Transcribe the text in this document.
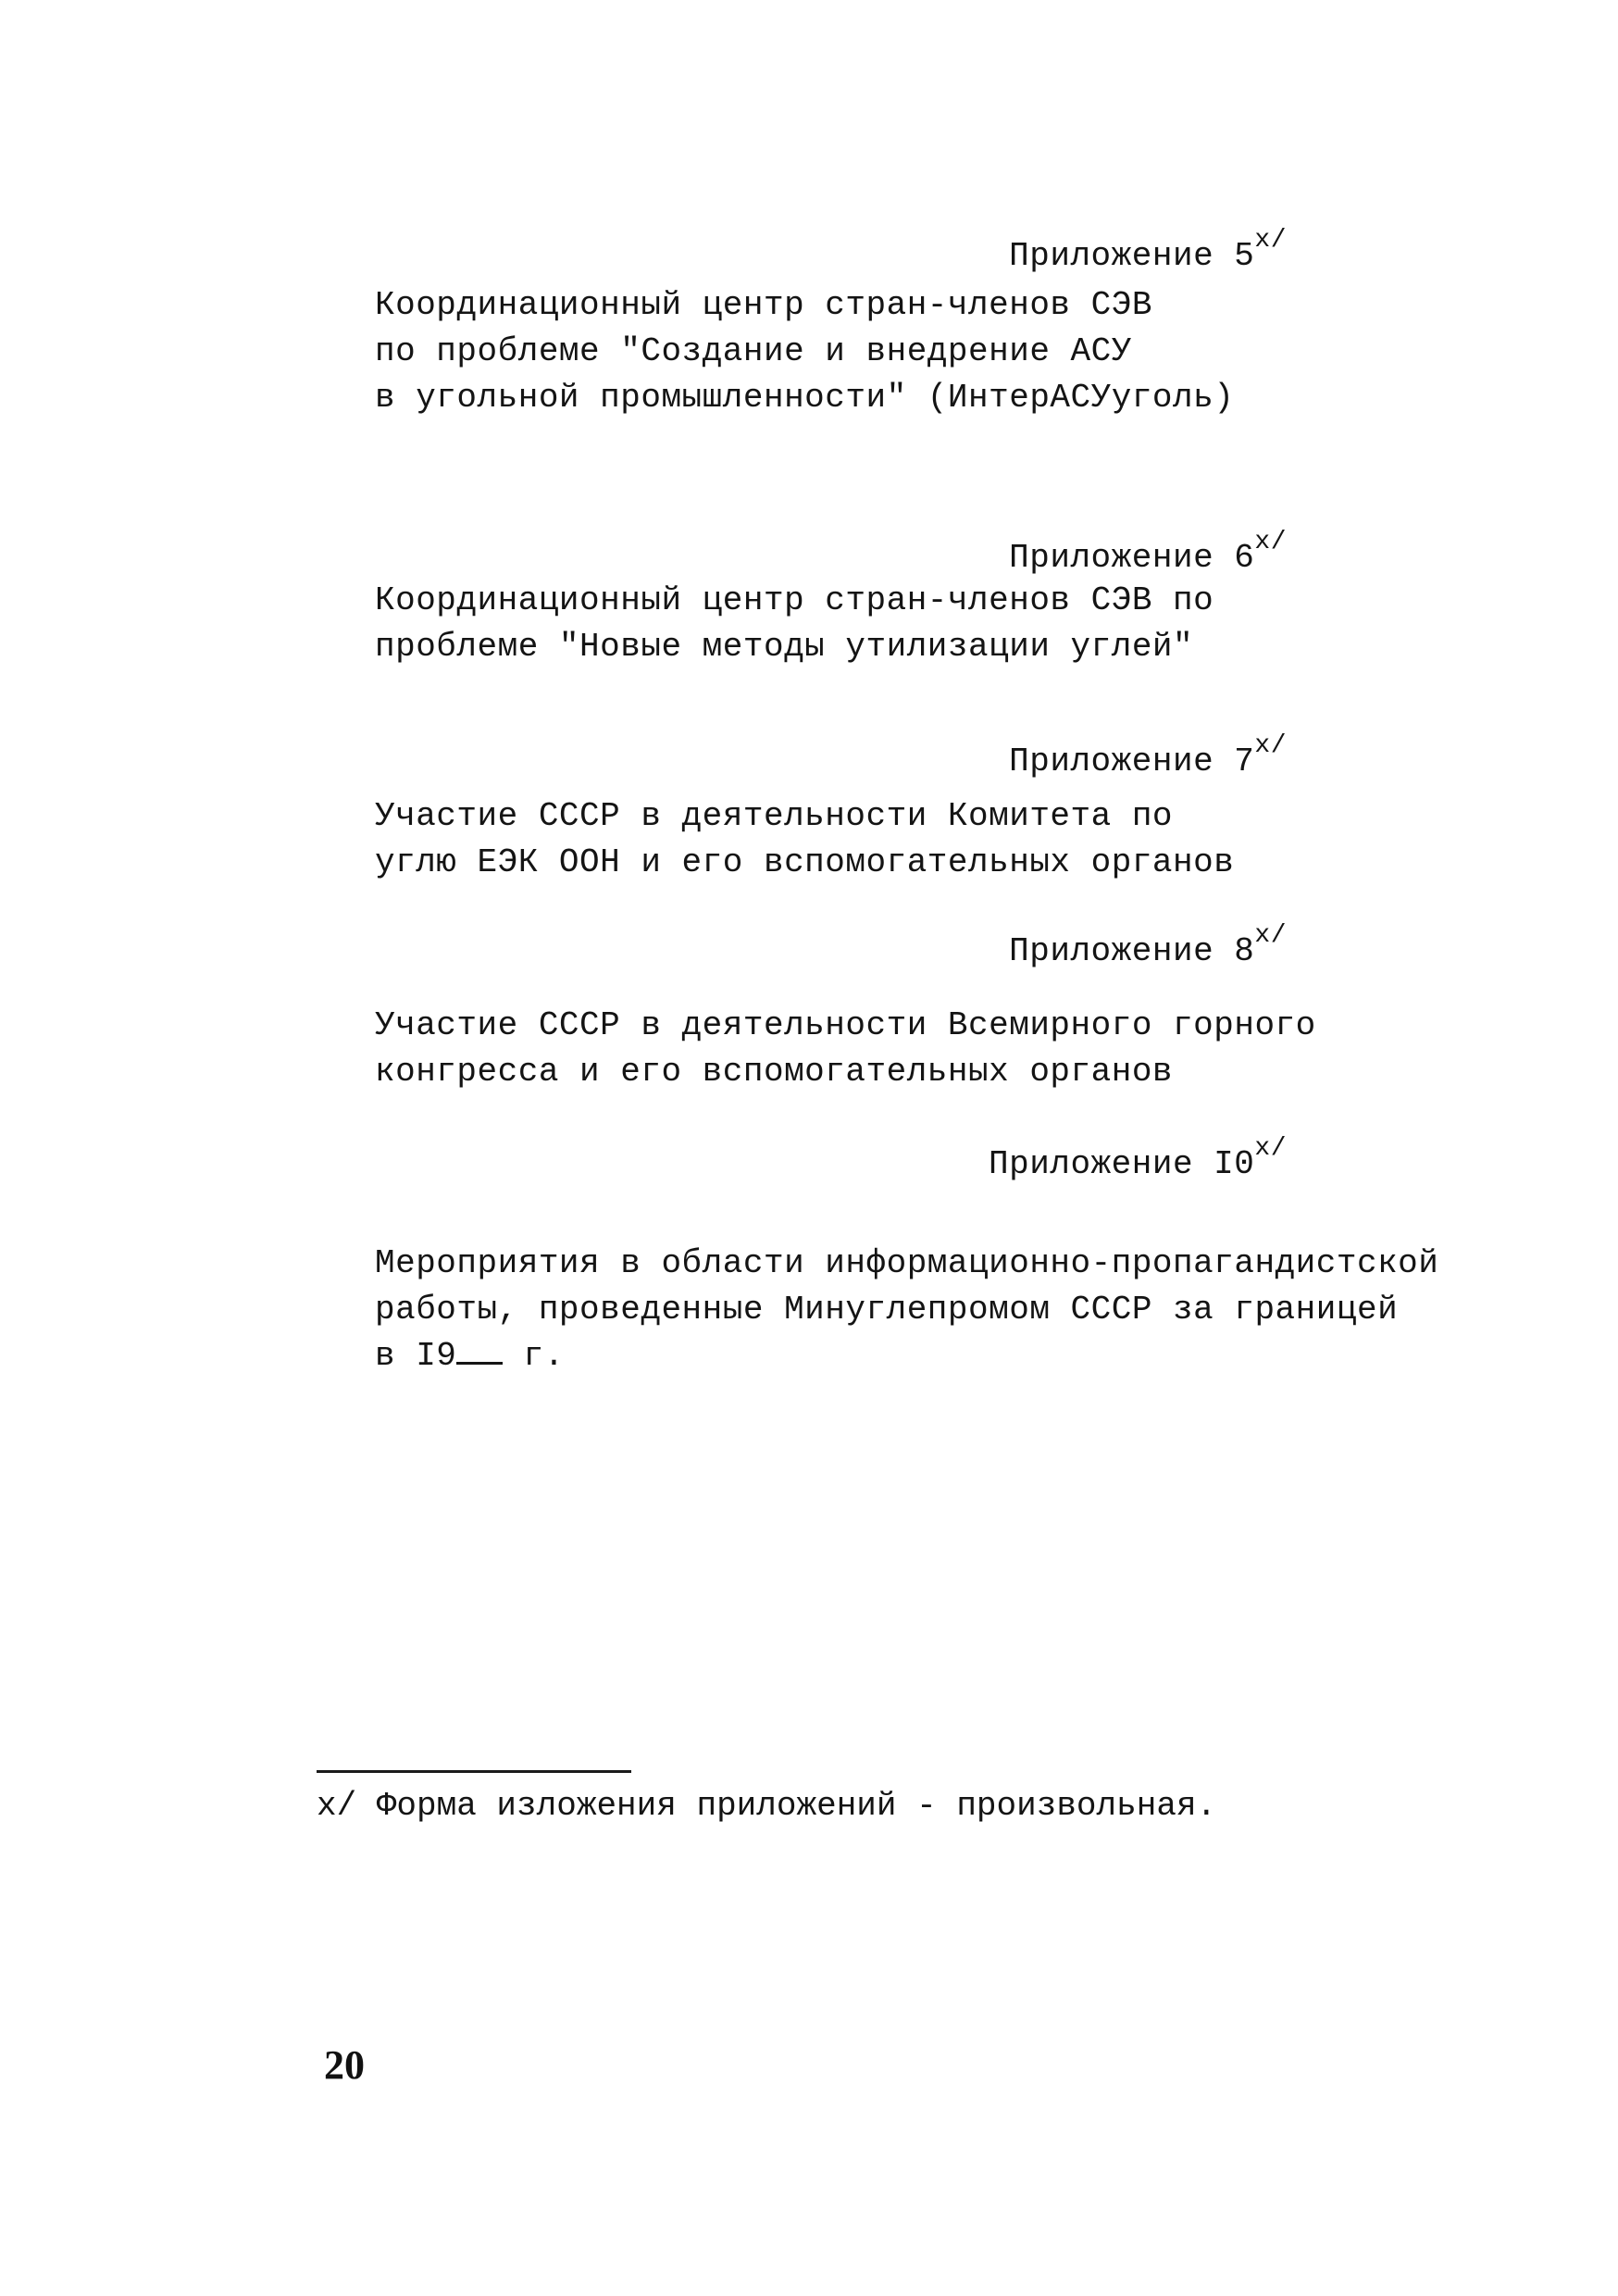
Приложение $5^{x/}$
Координационный центр стран-членов СЭВ
по проблеме "Создание и внедрение АСУ
в угольной промышленности" (ИнтерАСУуголь)
Приложение $6^{x/}$
Координационный центр стран-членов СЭВ по
проблеме "Новые методы утилизации углей"
Приложение $7^{x/}$
Участие СССР в деятельности Комитета по
углю ЕЭК ООН и его вспомогательных органов
Приложение $8^{x/}$
Участие СССР в деятельности Всемирного горного
конгресса и его вспомогательных органов
Приложение $I0^{x/}$
Мероприятия в области информационно-пропагандистской
работы, проведенные Минуглепромом СССР за границей
в I9 г.
x/ Форма изложения приложений - произвольная.
20
